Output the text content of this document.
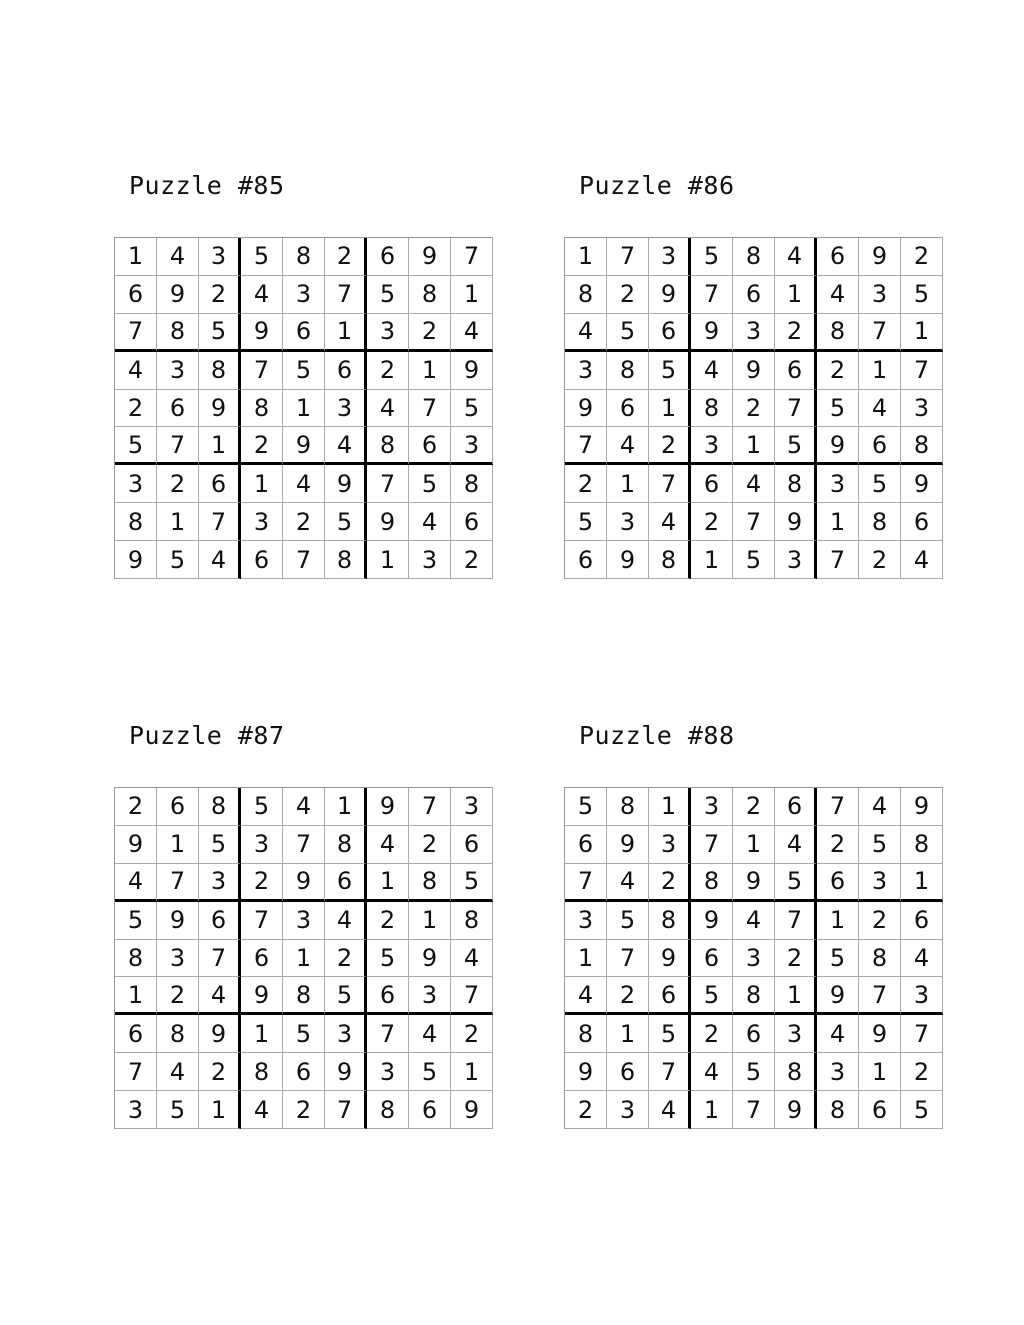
Puzzle #85
1	4	3	5	8	2	6	9	7
6	9	2	4	3	7	5	8	1
7	8	5	9	6	1	3	2	4
4	3	8	7	5	6	2	1	9
2	6	9	8	1	3	4	7	5
5	7	1	2	9	4	8	6	3
3	2	6	1	4	9	7	5	8
8	1	7	3	2	5	9	4	6
9	5	4	6	7	8	1	3	2
Puzzle #86
1	7	3	5	8	4	6	9	2
8	2	9	7	6	1	4	3	5
4	5	6	9	3	2	8	7	1
3	8	5	4	9	6	2	1	7
9	6	1	8	2	7	5	4	3
7	4	2	3	1	5	9	6	8
2	1	7	6	4	8	3	5	9
5	3	4	2	7	9	1	8	6
6	9	8	1	5	3	7	2	4
Puzzle #87
2	6	8	5	4	1	9	7	3
9	1	5	3	7	8	4	2	6
4	7	3	2	9	6	1	8	5
5	9	6	7	3	4	2	1	8
8	3	7	6	1	2	5	9	4
1	2	4	9	8	5	6	3	7
6	8	9	1	5	3	7	4	2
7	4	2	8	6	9	3	5	1
3	5	1	4	2	7	8	6	9
Puzzle #88
5	8	1	3	2	6	7	4	9
6	9	3	7	1	4	2	5	8
7	4	2	8	9	5	6	3	1
3	5	8	9	4	7	1	2	6
1	7	9	6	3	2	5	8	4
4	2	6	5	8	1	9	7	3
8	1	5	2	6	3	4	9	7
9	6	7	4	5	8	3	1	2
2	3	4	1	7	9	8	6	5
